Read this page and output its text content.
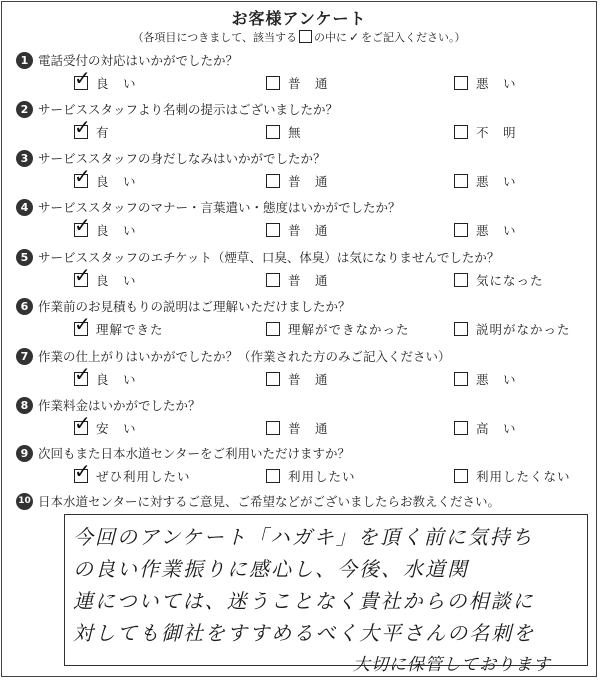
お客様アンケート
（各項目につきまして、該当する の中に ✓ をご記入ください。）
1 電話受付の対応はいかがでしたか？
✓ 良　い	普　通	悪　い
2 サービススタッフより名刺の提示はございましたか？
✓ 有	無	不　明
3 サービススタッフの身だしなみはいかがでしたか？
✓ 良　い	普　通	悪　い
4 サービススタッフのマナー・言葉遣い・態度はいかがでしたか？
✓ 良　い	普　通	悪　い
5 サービススタッフのエチケット（煙草、口臭、体臭）は気になりませんでしたか？
✓ 良　い	普　通	気になった
6 作業前のお見積もりの説明はご理解いただけましたか？
✓ 理解できた	理解ができなかった	説明がなかった
7 作業の仕上がりはいかがでしたか？（作業された方のみご記入ください）
✓ 良　い	普　通	悪　い
8 作業料金はいかがでしたか？
✓ 安　い	普　通	高　い
9 次回もまた日本水道センターをご利用いただけますか？
✓ ぜひ利用したい	利用したい	利用したくない
10 日本水道センターに対するご意見、ご希望などがございましたらお教えください。
今回のアンケート「ハガキ」を頂く前に気持ち
の良い作業振りに感心し、今後、水道関
連については、迷うことなく貴社からの相談に
対しても御社をすすめるべく大平さんの名刺を
大切に保管しております
